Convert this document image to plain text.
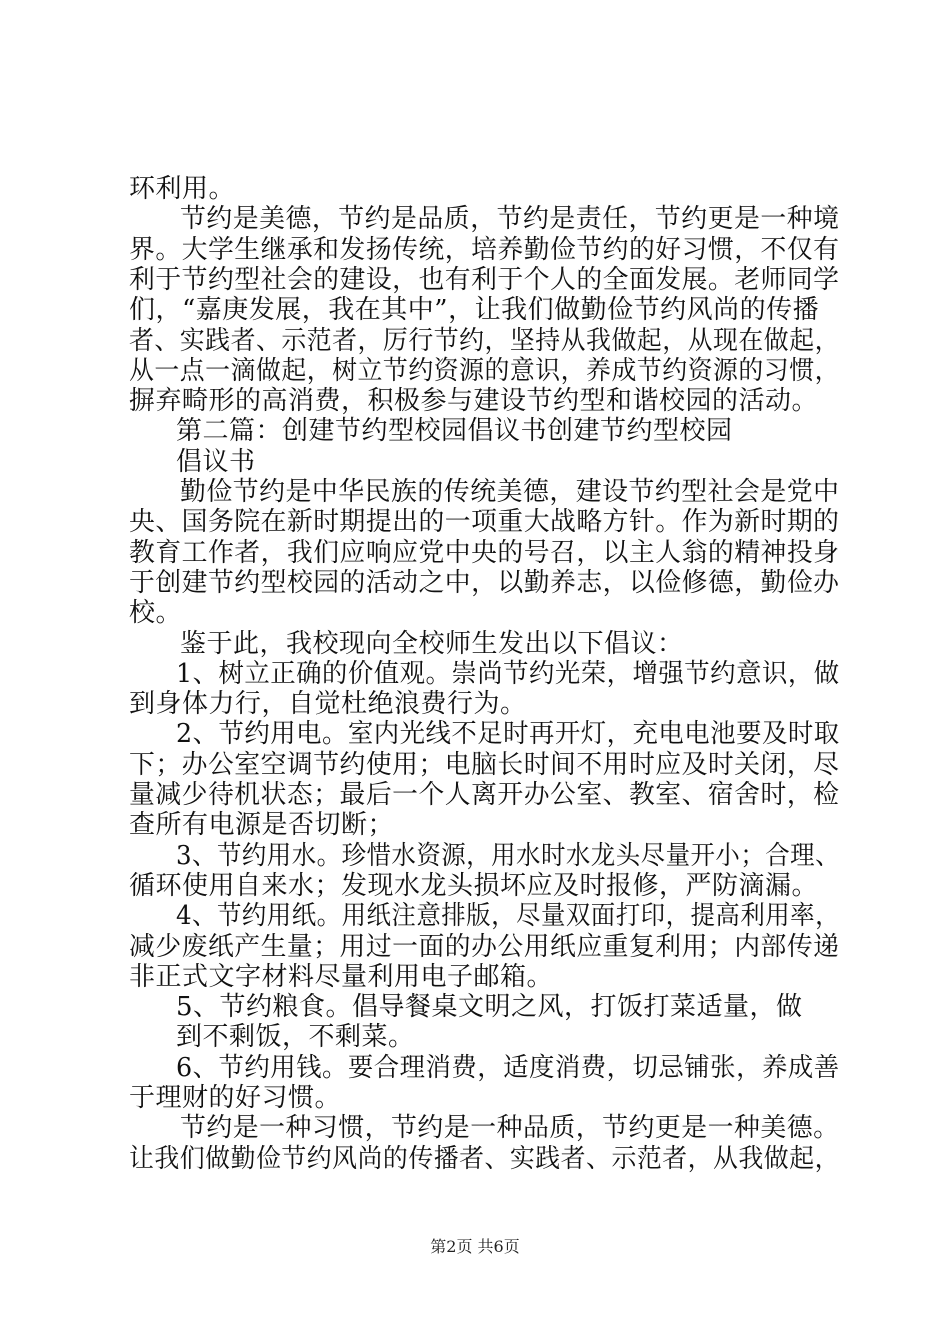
环利用。
节约是美德，节约是品质，节约是责任，节约更是一种境
界。大学生继承和发扬传统，培养勤俭节约的好习惯，不仅有
利于节约型社会的建设，也有利于个人的全面发展。老师同学
们，“嘉庚发展，我在其中”，让我们做勤俭节约风尚的传播
者、实践者、示范者，厉行节约，坚持从我做起，从现在做起，
从一点一滴做起，树立节约资源的意识，养成节约资源的习惯，
摒弃畸形的高消费，积极参与建设节约型和谐校园的活动。
第二篇：创建节约型校园倡议书创建节约型校园
倡议书
勤俭节约是中华民族的传统美德，建设节约型社会是党中
央、国务院在新时期提出的一项重大战略方针。作为新时期的
教育工作者，我们应响应党中央的号召，以主人翁的精神投身
于创建节约型校园的活动之中，以勤养志，以俭修德，勤俭办
校。
鉴于此，我校现向全校师生发出以下倡议：
1、树立正确的价值观。崇尚节约光荣，增强节约意识，做
到身体力行，自觉杜绝浪费行为。
2、节约用电。室内光线不足时再开灯，充电电池要及时取
下；办公室空调节约使用；电脑长时间不用时应及时关闭，尽
量减少待机状态；最后一个人离开办公室、教室、宿舍时，检
查所有电源是否切断；
3、节约用水。珍惜水资源，用水时水龙头尽量开小；合理、
循环使用自来水；发现水龙头损坏应及时报修，严防滴漏。
4、节约用纸。用纸注意排版，尽量双面打印，提高利用率，
减少废纸产生量；用过一面的办公用纸应重复利用；内部传递
非正式文字材料尽量利用电子邮箱。
5、节约粮食。倡导餐桌文明之风，打饭打菜适量，做
到不剩饭，不剩菜。
6、节约用钱。要合理消费，适度消费，切忌铺张，养成善
于理财的好习惯。
节约是一种习惯，节约是一种品质，节约更是一种美德。
让我们做勤俭节约风尚的传播者、实践者、示范者，从我做起，
第2页 共6页
